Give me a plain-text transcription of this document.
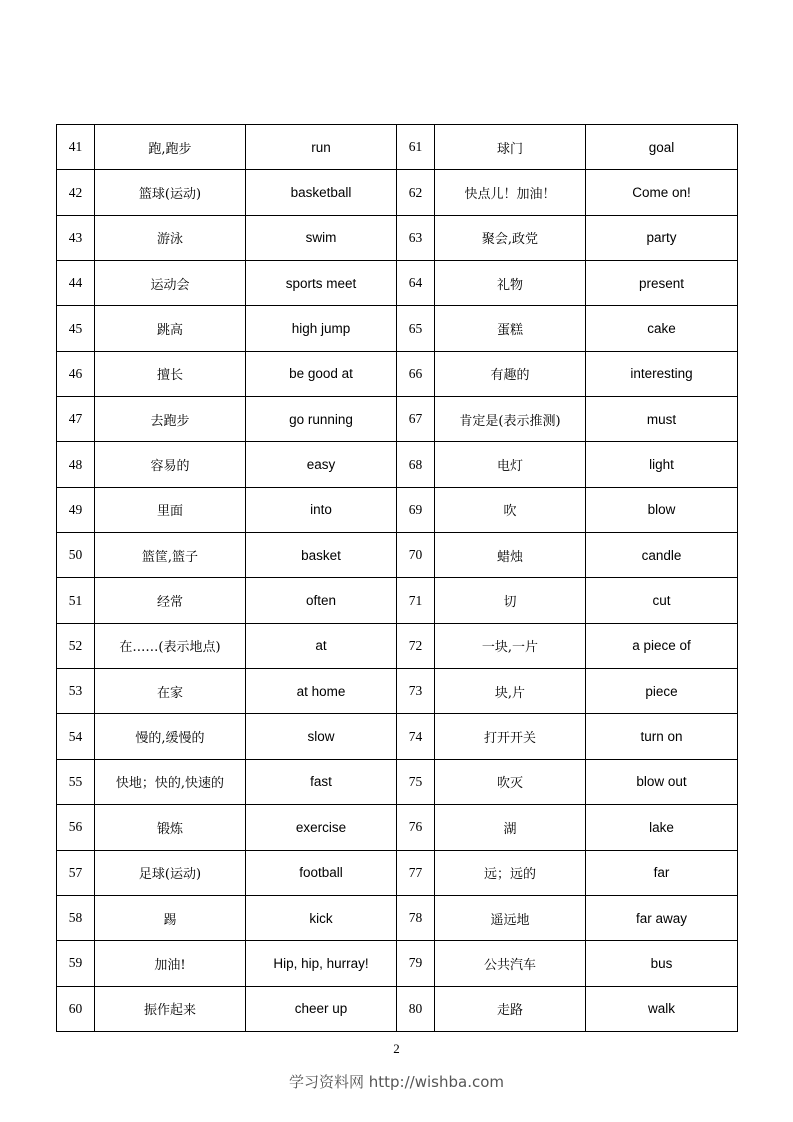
41	跑,跑步	run	61	球门	goal
42	篮球(运动)	basketball	62	快点儿！加油！	Come on!
43	游泳	swim	63	聚会,政党	party
44	运动会	sports meet	64	礼物	present
45	跳高	high jump	65	蛋糕	cake
46	擅长	be good at	66	有趣的	interesting
47	去跑步	go running	67	肯定是(表示推测)	must
48	容易的	easy	68	电灯	light
49	里面	into	69	吹	blow
50	篮筐,篮子	basket	70	蜡烛	candle
51	经常	often	71	切	cut
52	在……(表示地点)	at	72	一块,一片	a piece of
53	在家	at home	73	块,片	piece
54	慢的,缓慢的	slow	74	打开开关	turn on
55	快地；快的,快速的	fast	75	吹灭	blow out
56	锻炼	exercise	76	湖	lake
57	足球(运动)	football	77	远；远的	far
58	踢	kick	78	遥远地	far away
59	加油!	Hip, hip, hurray!	79	公共汽车	bus
60	振作起来	cheer up	80	走路	walk
2
学习资料网 http://wishba.com
